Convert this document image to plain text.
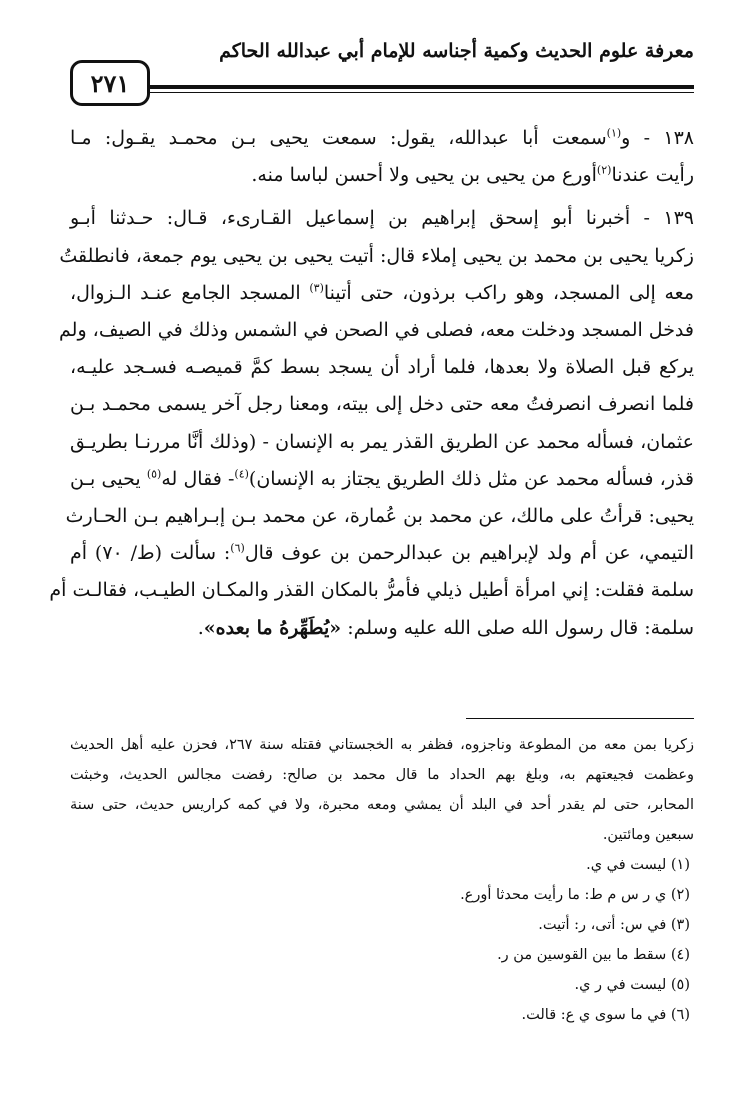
معرفة علوم الحديث وكمية أجناسه للإمام أبي عبدالله الحاكم
٢٧١
١٣٨ - و$^{(١)}$سمعت أبا عبدالله، يقول: سمعت يحيى بـن محمـد يقـول: مـا
رأيت عندنا$^{(٢)}$أورع من يحيى بن يحيى ولا أحسن لباسا منه.
١٣٩ - أخبرنا أبو إسحق إبراهيم بن إسماعيل القـارىء، قـال: حـدثنا أبـو
زكريا يحيى بن محمد بن يحيى إملاء قال: أتيت يحيى بن يحيى يوم جمعة، فانطلقتُ
معه إلى المسجد، وهو راكب برذون، حتى أتينا$^{(٣)}$ المسجد الجامع عنـد الـزوال،
فدخل المسجد ودخلت معه، فصلى في الصحن في الشمس وذلك في الصيف، ولم
يركع قبل الصلاة ولا بعدها، فلما أراد أن يسجد بسط كمَّ قميصـه فسـجد عليـه،
فلما انصرف انصرفتُ معه حتى دخل إلى بيته، ومعنا رجل آخر يسمى محمـد بـن
عثمان، فسأله محمد عن الطريق القذر يمر به الإنسان - (وذلك أنَّا مررنـا بطريـق
قذر، فسأله محمد عن مثل ذلك الطريق يجتاز به الإنسان)$^{(٤)}$- فقال له$^{(٥)}$ يحيى بـن
يحيى: قرأتُ على مالك، عن محمد بن عُمارة، عن محمد بـن إبـراهيم بـن الحـارث
التيمي، عن أم ولد لإبراهيم بن عبدالرحمن بن عوف قال$^{(٦)}$: سألت (ط/ ٧٠) أم
سلمة فقلت: إني امرأة أطيل ذيلي فأمرُّ بالمكان القذر والمكـان الطيـب، فقالـت أم
سلمة: قال رسول الله صلى الله عليه وسلم: «يُطَهِّرهُ ما بعده».
زكريا بمن معه من المطوعة وناجزوه، فظفر به الخجستاني فقتله سنة ٢٦٧، فحزن عليه أهل الحديث
وعظمت فجيعتهم به، وبلغ بهم الحداد ما قال محمد بن صالح: رفضت مجالس الحديث، وخبثت
المحابر، حتى لم يقدر أحد في البلد أن يمشي ومعه محبرة، ولا في كمه كراريس حديث، حتى سنة
سبعين ومائتين.
(١) ليست في ي.
(٢) ي ر س م ط: ما رأيت محدثا أورع.
(٣) في س: أتى، ر: أتيت.
(٤) سقط ما بين القوسين من ر.
(٥) ليست في ر ي.
(٦) في ما سوى ي ع: قالت.
